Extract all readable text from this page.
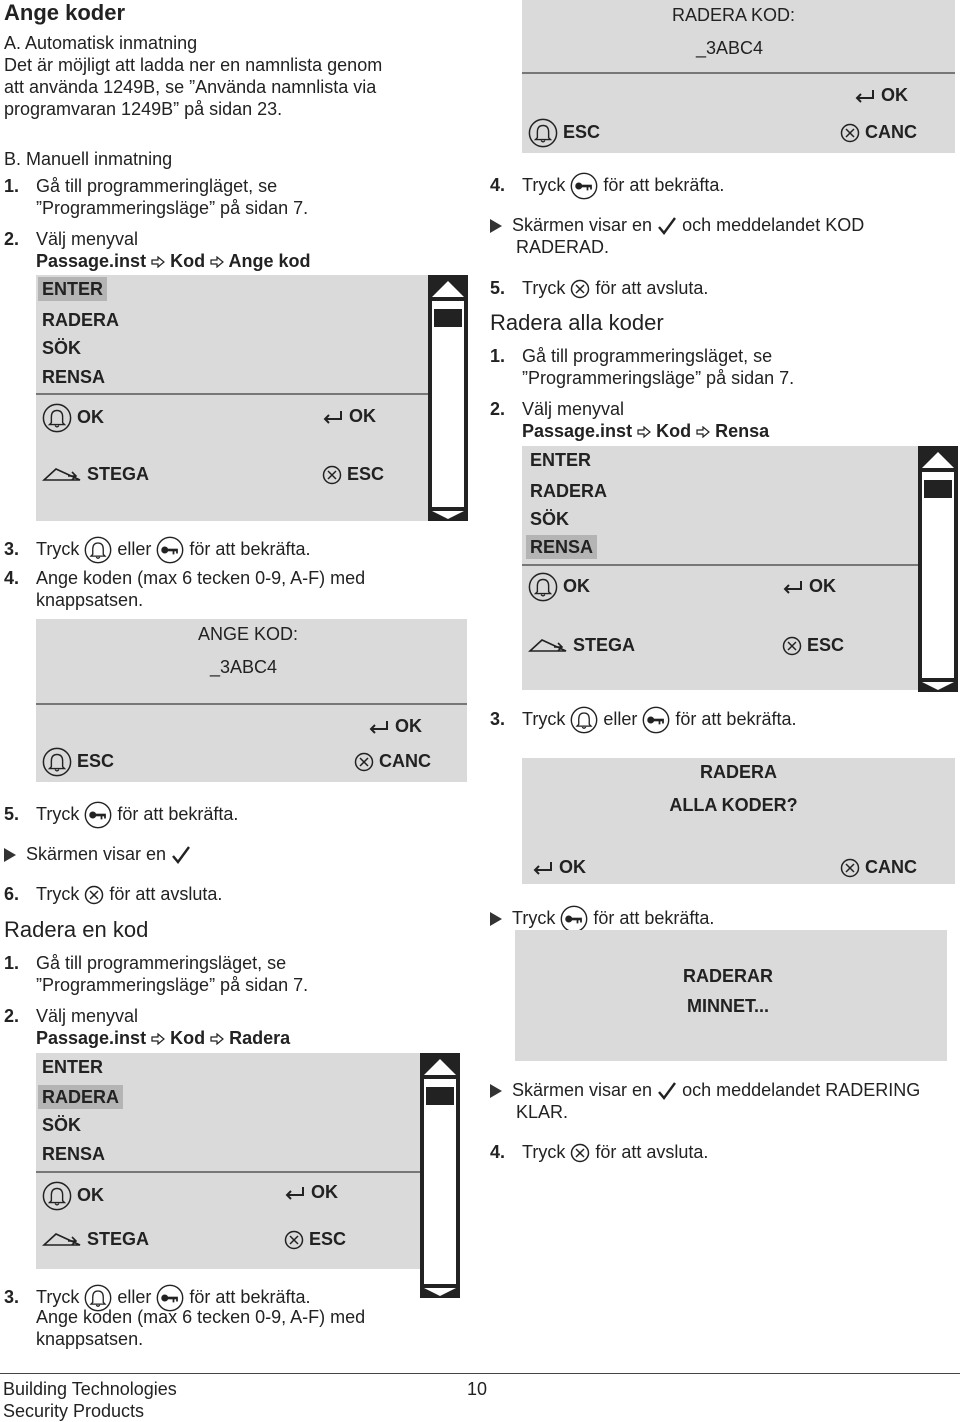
Ange koder
A. Automatisk inmatning
Det är möjligt att ladda ner en namnlista genom
att använda 1249B, se ”Använda namnlista via
programvaran 1249B” på sidan 23.
B. Manuell inmatning
1. Gå till programmeringläget, se
”Programmeringsläge” på sidan 7.
2. Välj menyval
Passage.inst Kod Ange kod
ENTER
RADERA
SÖK
RENSA
OK	OK
STEGA	ESC
3. Tryck eller för att bekräfta.
4. Ange koden (max 6 tecken 0-9, A-F) med
knappsatsen.
ANGE KOD:
_3ABC4
OK
ESC	CANC
5. Tryck för att bekräfta.
Skärmen visar en
6. Tryck för att avsluta.
Radera en kod
1. Gå till programmeringsläget, se
”Programmeringsläge” på sidan 7.
2. Välj menyval
Passage.inst Kod Radera
ENTER
RADERA
SÖK
RENSA
OK	OK
STEGA	ESC
3. Tryck eller för att bekräfta.
Ange koden (max 6 tecken 0-9, A-F) med
knappsatsen.
RADERA KOD:
_3ABC4
OK
ESC	CANC
4. Tryck för att bekräfta.
Skärmen visar en och meddelandet KOD
RADERAD.
5. Tryck för att avsluta.
Radera alla koder
1. Gå till programmeringsläget, se
”Programmeringsläge” på sidan 7.
2. Välj menyval
Passage.inst Kod Rensa
ENTER
RADERA
SÖK
RENSA
OK	OK
STEGA	ESC
3. Tryck eller för att bekräfta.
RADERA
ALLA KODER?
OK	CANC
Tryck för att bekräfta.
RADERAR
MINNET...
Skärmen visar en och meddelandet RADERING
KLAR.
4. Tryck för att avsluta.
Building Technologies
Security Products
10
